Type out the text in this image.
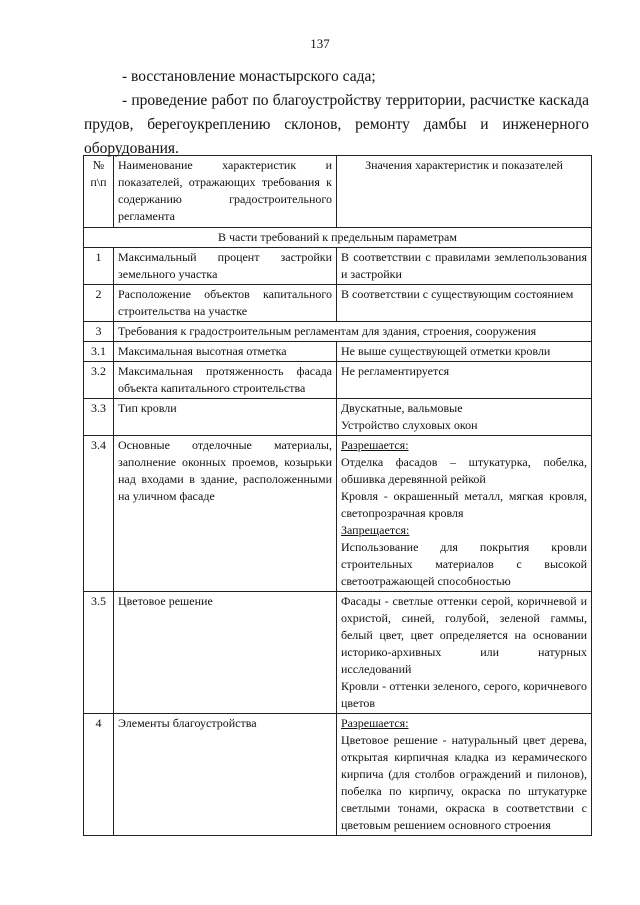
137
- восстановление монастырского сада;
- проведение работ по благоустройству территории, расчистке каскада прудов, берегоукреплению склонов, ремонту дамбы и инженерного оборудования.
№ п\п	Наименование характеристик и показателей, отражающих требования к содержанию градостроительного регламента	Значения характеристик и показателей
В части требований к предельным параметрам		
1	Максимальный процент застройки земельного участка	В соответствии с правилами землепользования и застройки
2	Расположение объектов капитального строительства на участке	В соответствии с существующим состоянием
3	Требования к градостроительным регламентам для здания, строения, сооружения	
3.1	Максимальная высотная отметка	Не выше существующей отметки кровли
3.2	Максимальная протяженность фасада объекта капитального строительства	Не регламентируется
3.3	Тип кровли	Двускатные, вальмовые
Устройство слуховых окон

3.4	Основные отделочные материалы, заполнение оконных проемов, козырьки над входами в здание, расположенными на уличном фасаде	Разрешается:
Отделка фасадов – штукатурка, побелка, обшивка деревянной рейкой
Кровля - окрашенный металл, мягкая кровля, светопрозрачная кровля
Запрещается:
Использование для покрытия кровли строительных материалов с высокой светоотражающей способностью

3.5	Цветовое решение	Фасады - светлые оттенки серой, коричневой и охристой, синей, голубой, зеленой гаммы, белый цвет, цвет определяется на основании историко-архивных или натурных исследований
Кровли - оттенки зеленого, серого, коричневого цветов

4	Элементы благоустройства	Разрешается:
Цветовое решение - натуральный цвет дерева, открытая кирпичная кладка из керамического кирпича (для столбов ограждений и пилонов), побелка по кирпичу, окраска по штукатурке светлыми тонами, окраска в соответствии с цветовым решением основного строения
